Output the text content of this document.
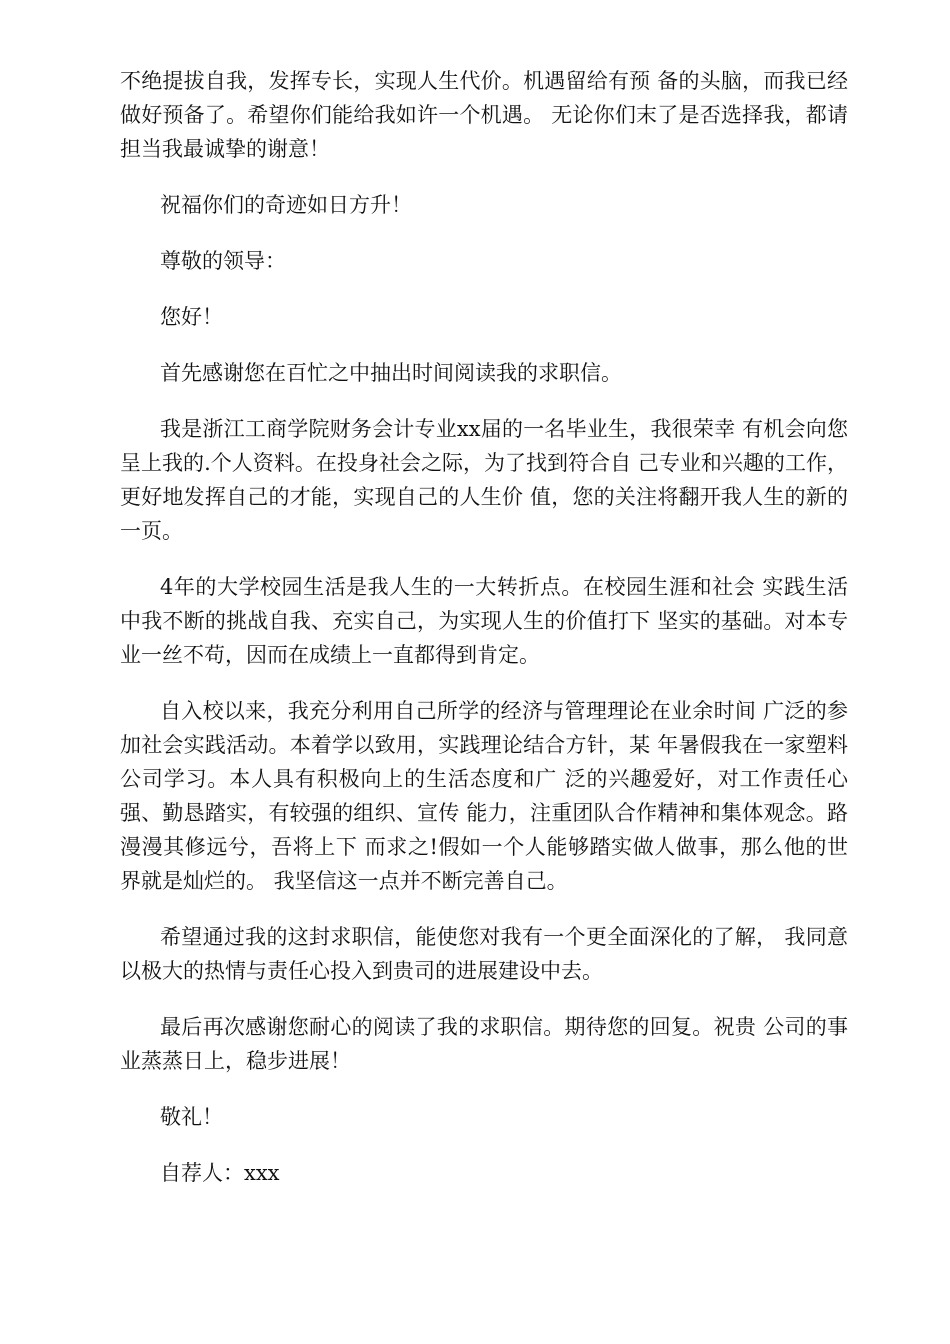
不绝提拔自我，发挥专长，实现人生代价。机遇留给有预 备的头脑，而我已经做好预备了。希望你们能给我如许一个机遇。 无论你们末了是否选择我，都请担当我最诚挚的谢意！

祝福你们的奇迹如日方升！

尊敬的领导：

您好！

首先感谢您在百忙之中抽出时间阅读我的求职信。

我是浙江工商学院财务会计专业xx届的一名毕业生，我很荣幸 有机会向您呈上我的.个人资料。在投身社会之际，为了找到符合自 己专业和兴趣的工作，更好地发挥自己的才能，实现自己的人生价 值，您的关注将翻开我人生的新的一页。

4年的大学校园生活是我人生的一大转折点。在校园生涯和社会 实践生活中我不断的挑战自我、充实自己，为实现人生的价值打下 坚实的基础。对本专业一丝不苟，因而在成绩上一直都得到肯定。

自入校以来，我充分利用自己所学的经济与管理理论在业余时间 广泛的参加社会实践活动。本着学以致用，实践理论结合方针，某 年暑假我在一家塑料公司学习。本人具有积极向上的生活态度和广 泛的兴趣爱好，对工作责任心强、勤恳踏实，有较强的组织、宣传 能力，注重团队合作精神和集体观念。路漫漫其修远兮，吾将上下 而求之!假如一个人能够踏实做人做事，那么他的世界就是灿烂的。 我坚信这一点并不断完善自己。

希望通过我的这封求职信，能使您对我有一个更全面深化的了解， 我同意以极大的热情与责任心投入到贵司的进展建设中去。

最后再次感谢您耐心的阅读了我的求职信。期待您的回复。祝贵 公司的事业蒸蒸日上，稳步进展！

敬礼！

自荐人：xxx
